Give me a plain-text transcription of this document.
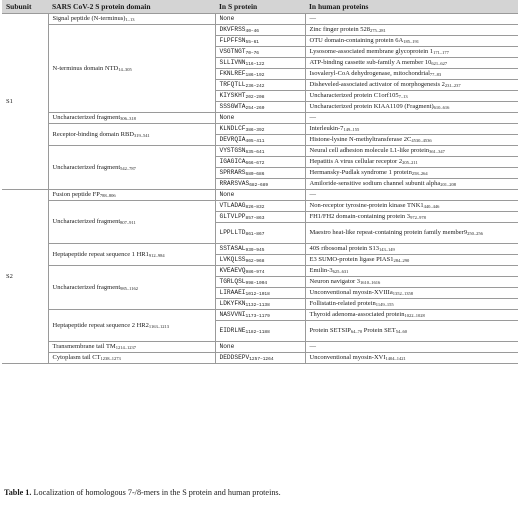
Subunit	SARS CoV-2 S protein domain	In S protein	In human proteins
S1	Signal peptide $(N-terminus)_{1-13}$	None	—
	N-terminus domain $NTD_{14-305}$	$DKVFRSS_{40-46}$	Zinc finger protein $528_{275-281}$
		$FLPFFSN_{55-61}$	OTU domain-containing protein $6A_{185-191}$
		$VSGTNGT_{70-76}$	Lysosome-associated membrane glycoprotein $1_{171-177}$
		$SLLIVNN_{116-122}$	ATP-binding cassette sub-family A member $10_{621-627}$
		$FKNLREF_{186-192}$	Isovaleryl-CoA dehydrogenase, mitochondrial$_{77-83}$
		$TRFQTLL_{236-242}$	Disheveled-associated activator of morphogenesis $2_{231-237}$
		$KIYSKHT_{202-208}$	Uncharacterized protein $C1orf105_{7-13}$
		$SSSGWTA_{254-260}$	Uncharacterized protein KIAA1109 $(Fragment)_{610-616}$
	Uncharacterized fragment$_{306-318}$	None	—
	Receptor-binding domain $RBD_{319-541}$	$KLNDLCF_{386-392}$	Interleukin-$7_{149-155}$
		$DEVRQIA_{405-411}$	Histone-lysine N-methyltransferase $2C_{4530-4536}$
	Uncharacterized fragment$_{542-787}$	$VYSTGSN_{635-641}$	Neural cell adhesion molecule L1-like protein$_{361-347}$
		$IGAGICA_{666-672}$	Hepatitis A virus cellular receptor $2_{205-211}$
		$SPRRARS_{680-686}$	Hermansky-Pudlak syndrome 1 protein$_{258-264}$
		$RRARSVAS_{682-689}$	Amiloride-sensitive sodium channel subunit alpha$_{201-208}$
S2	Fusion peptide $FP_{788-806}$	None	—
	Uncharacterized fragment$_{807-911}$	$VTLADAG_{826-832}$	Non-receptor tyrosine-protein kinase $TNK1_{440-446}$
		$GLTVLPP_{857-863}$	FH1/FH2 domain-containing protein $3_{972-978}$
		$LPPLLTD_{861-867}$	Maestro heat-like repeat-containing protein family $member9_{250-256}$
	Heptapeptide repeat sequence 1 $HR1_{912-984}$	$SSTASAL_{939-945}$	40S ribosomal protein $S13_{143-149}$
		$LVKQLSS_{962-968}$	E3 SUMO-protein ligase $PIAS1_{284-290}$
	Uncharacterized fragment$_{985-1162}$	$KVEAEVQ_{986-974}$	Emilin-$3_{625-631}$
		$TGRLQSL_{998-1004}$	Neuron navigator $3_{1610-1616}$
		$LIRAAEI_{1012-1018}$	Unconventional myosin-XVIIIa$_{1352-1358}$
		$LDKYFKN_{1132-1138}$	Follistatin-related protein$_{1149-155}$
	Heptapeptide repeat sequence 2 $HR2_{1163-1213}$	$NASVVNI_{1173-1179}$	Thyroid adenoma-associated protein$_{1022-1028}$
		$EIDRLNE_{1182-1188}$	Protein $SETSIP_{64-70}$ Protein $SET_{54-60}$
	Transmembrane tail $TM_{1214-1237}$	None	—
	Cytoplasm tail $CT_{1238-1273}$	$DEDDSEPV_{1257-1264}$	Unconventional myosin-$XVI_{1404-1421}$
Table 1. Localization of homologous 7-/8-mers in the S protein and human proteins.
